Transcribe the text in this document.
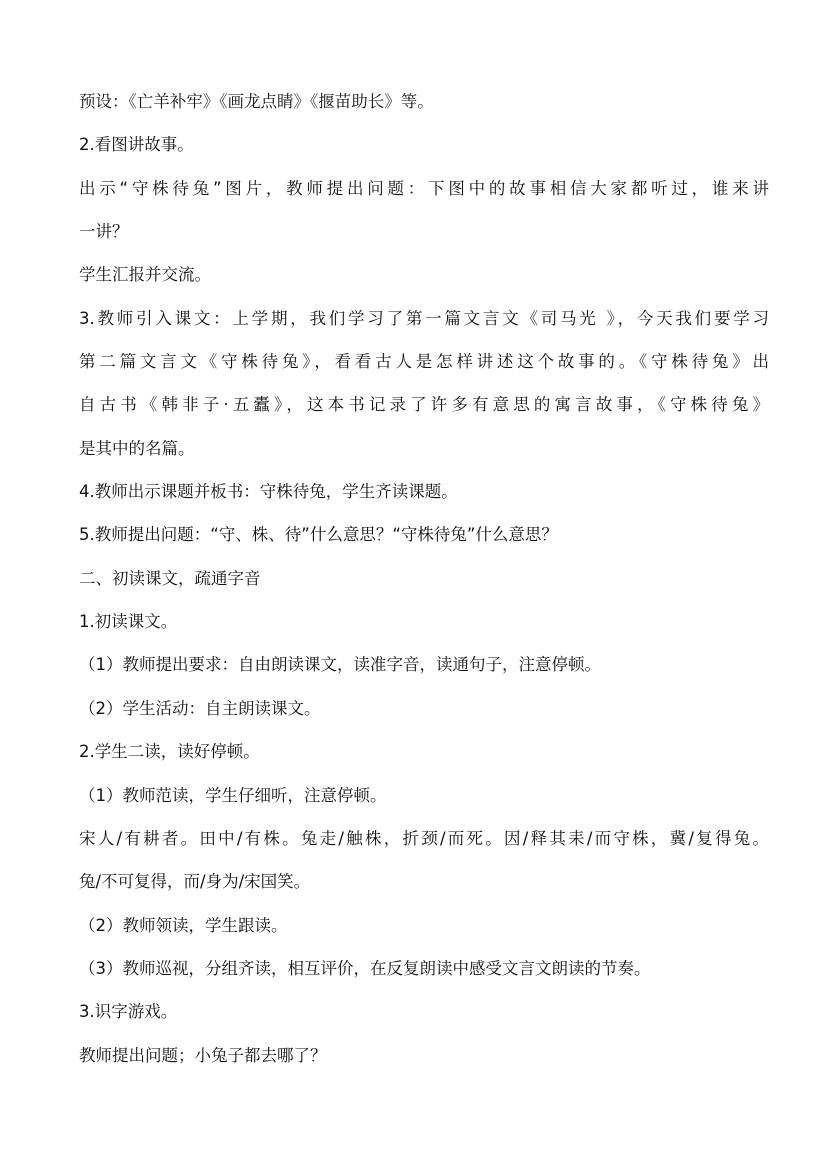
预设：《亡羊补牢》《画龙点睛》《揠苗助长》等。
2.看图讲故事。
出示“守株待兔”图片，教师提出问题：下图中的故事相信大家都听过，谁来讲
一讲？
学生汇报并交流。
3.教师引入课文：上学期，我们学习了第一篇文言文《司马光 》，今天我们要学习
第二篇文言文《守株待兔》，看看古人是怎样讲述这个故事的。《守株待兔》出
自古书《韩非子·五蠹》，这本书记录了许多有意思的寓言故事，《守株待兔》
是其中的名篇。
4.教师出示课题并板书：守株待兔，学生齐读课题。
5.教师提出问题：“守、株、待”什么意思？“守株待兔”什么意思？
二、初读课文，疏通字音
1.初读课文。
（1）教师提出要求：自由朗读课文，读准字音，读通句子，注意停顿。
（2）学生活动：自主朗读课文。
2.学生二读，读好停顿。
（1）教师范读，学生仔细听，注意停顿。
宋人/有耕者。田中/有株。兔走/触株，折颈/而死。因/释其耒/而守株，冀/复得兔。
兔/不可复得，而/身为/宋国笑。
（2）教师领读，学生跟读。
（3）教师巡视，分组齐读，相互评价，在反复朗读中感受文言文朗读的节奏。
3.识字游戏。
教师提出问题；小兔子都去哪了？
